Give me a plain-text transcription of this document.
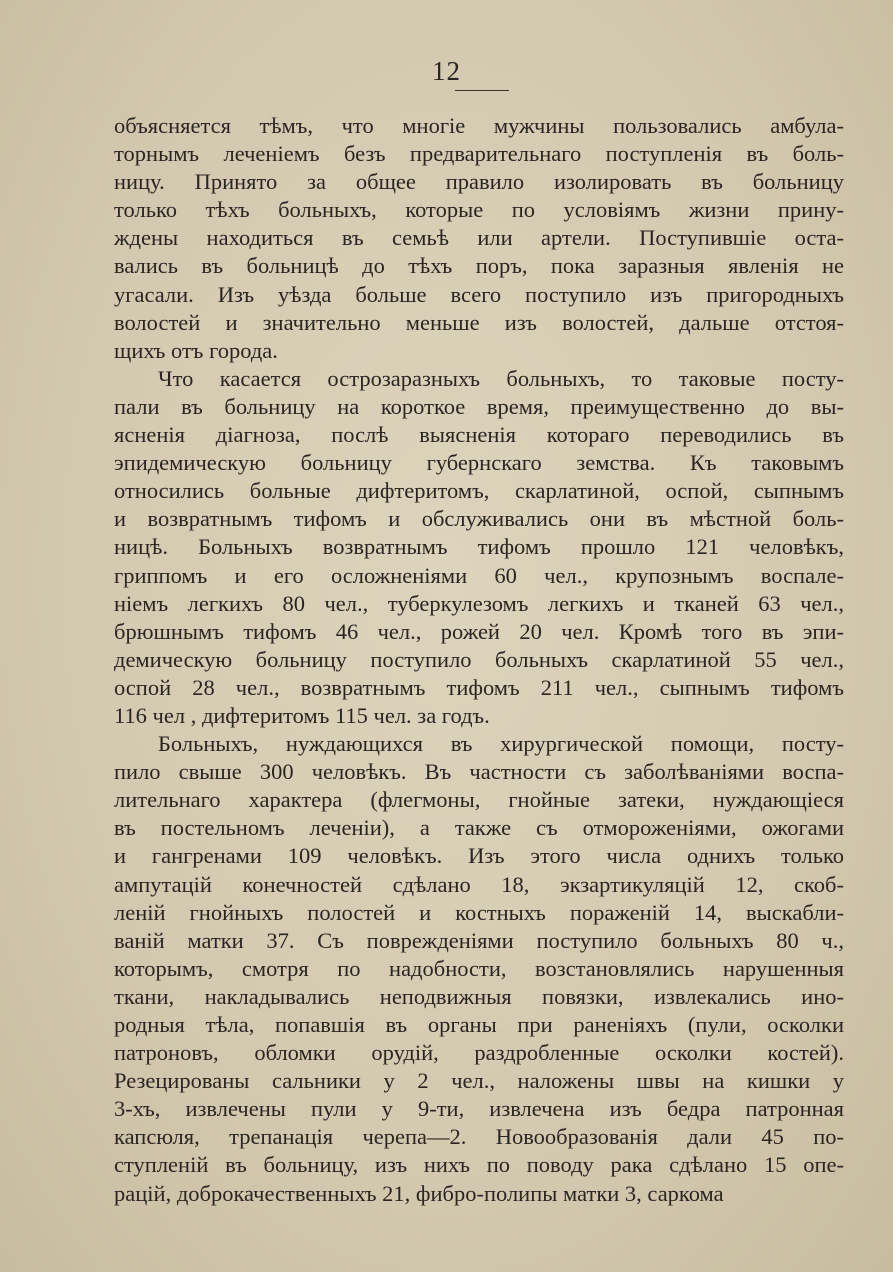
12
объясняется тѣмъ, что многіе мужчины пользовались амбула-
торнымъ леченіемъ безъ предварительнаго поступленія въ боль-
ницу. Принято за общее правило изолировать въ больницу
только тѣхъ больныхъ, которые по условіямъ жизни прину-
ждены находиться въ семьѣ или артели. Поступившіе оста-
вались въ больницѣ до тѣхъ поръ, пока заразныя явленія не
угасали. Изъ уѣзда больше всего поступило изъ пригородныхъ
волостей и значительно меньше изъ волостей, дальше отстоя-
щихъ отъ города.
Что касается острозаразныхъ больныхъ, то таковые посту-
пали въ больницу на короткое время, преимущественно до вы-
ясненія діагноза, послѣ выясненія котораго переводились въ
эпидемическую больницу губернскаго земства. Къ таковымъ
относились больные дифтеритомъ, скарлатиной, оспой, сыпнымъ
и возвратнымъ тифомъ и обслуживались они въ мѣстной боль-
ницѣ. Больныхъ возвратнымъ тифомъ прошло 121 человѣкъ,
гриппомъ и его осложненіями 60 чел., крупознымъ воспале-
ніемъ легкихъ 80 чел., туберкулезомъ легкихъ и тканей 63 чел.,
брюшнымъ тифомъ 46 чел., рожей 20 чел. Кромѣ того въ эпи-
демическую больницу поступило больныхъ скарлатиной 55 чел.,
оспой 28 чел., возвратнымъ тифомъ 211 чел., сыпнымъ тифомъ
116 чел , дифтеритомъ 115 чел. за годъ.
Больныхъ, нуждающихся въ хирургической помощи, посту-
пило свыше 300 человѣкъ. Въ частности съ заболѣваніями воспа-
лительнаго характера (флегмоны, гнойные затеки, нуждающіеся
въ постельномъ леченіи), а также съ отмороженіями, ожогами
и гангренами 109 человѣкъ. Изъ этого числа однихъ только
ампутацій конечностей сдѣлано 18, экзартикуляцій 12, скоб-
леній гнойныхъ полостей и костныхъ пораженій 14, выскабли-
ваній матки 37. Съ поврежденіями поступило больныхъ 80 ч.,
которымъ, смотря по надобности, возстановлялись нарушенныя
ткани, накладывались неподвижныя повязки, извлекались ино-
родныя тѣла, попавшія въ органы при раненіяхъ (пули, осколки
патроновъ, обломки орудій, раздробленные осколки костей).
Резецированы сальники у 2 чел., наложены швы на кишки у
3-хъ, извлечены пули у 9-ти, извлечена изъ бедра патронная
капсюля, трепанація черепа—2. Новообразованія дали 45 по-
ступленій въ больницу, изъ нихъ по поводу рака сдѣлано 15 опе-
рацій, доброкачественныхъ 21, фибро-полипы матки 3, саркома
